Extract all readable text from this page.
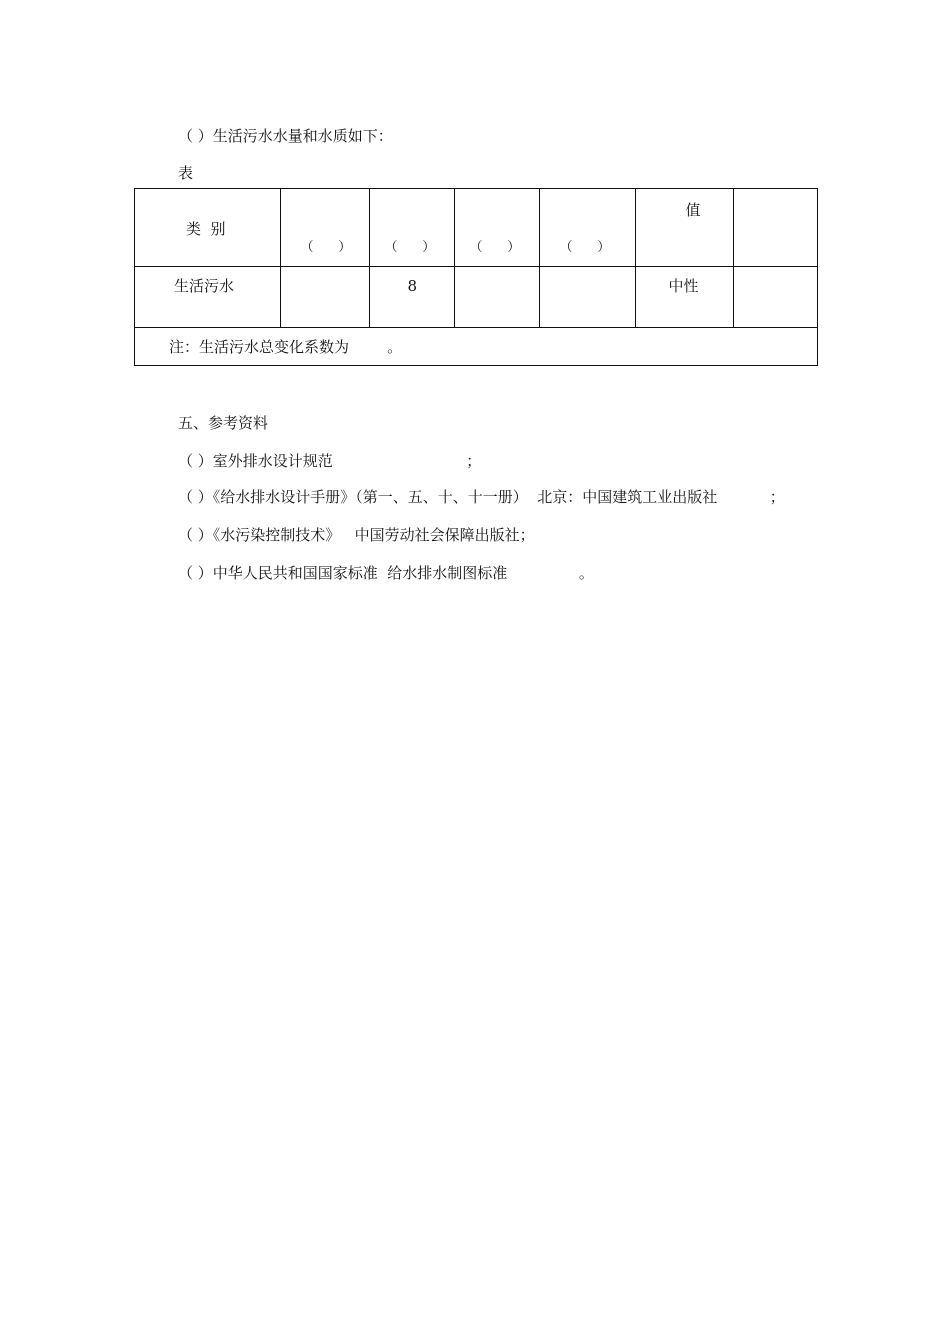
（ ）生活污水水量和水质如下：
表
类  别	（      ）	（      ）	（      ）	（      ）	值	

生活污水		8			中性	

注：生活污水总变化系数为        。						
五、参考资料
（ ）室外排水设计规范                            ；
（ ）《给水排水设计手册》（第一、五、十、十一册）  北京：中国建筑工业出版社           ；
（ ）《水污染控制技术》   中国劳动社会保障出版社；
（ ）中华人民共和国国家标准  给水排水制图标准               。
